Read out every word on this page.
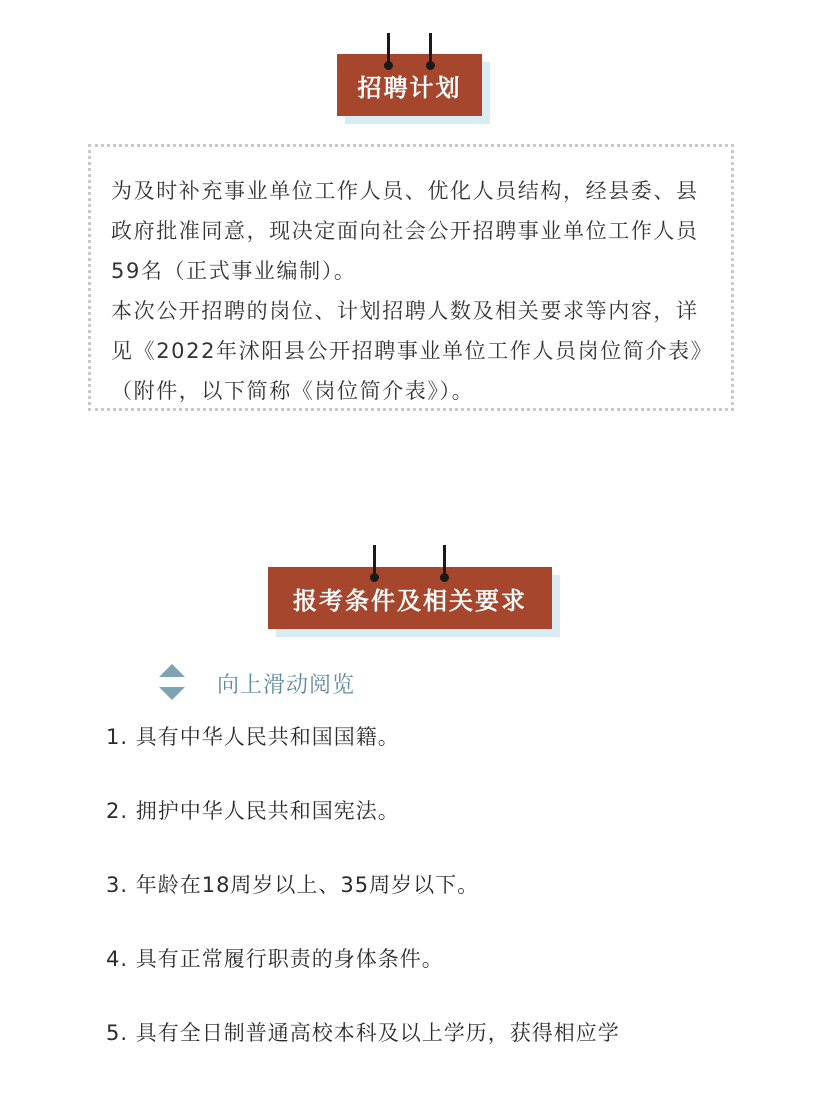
招聘计划

为及时补充事业单位工作人员、优化人员结构，经县委、县政府批准同意，现决定面向社会公开招聘事业单位工作人员59名（正式事业编制）。

本次公开招聘的岗位、计划招聘人数及相关要求等内容，详见《2022年沭阳县公开招聘事业单位工作人员岗位简介表》（附件，以下简称《岗位简介表》）。

报考条件及相关要求
向上滑动阅览
1. 具有中华人民共和国国籍。
2. 拥护中华人民共和国宪法。
3. 年龄在18周岁以上、35周岁以下。
4. 具有正常履行职责的身体条件。
5. 具有全日制普通高校本科及以上学历，获得相应学
